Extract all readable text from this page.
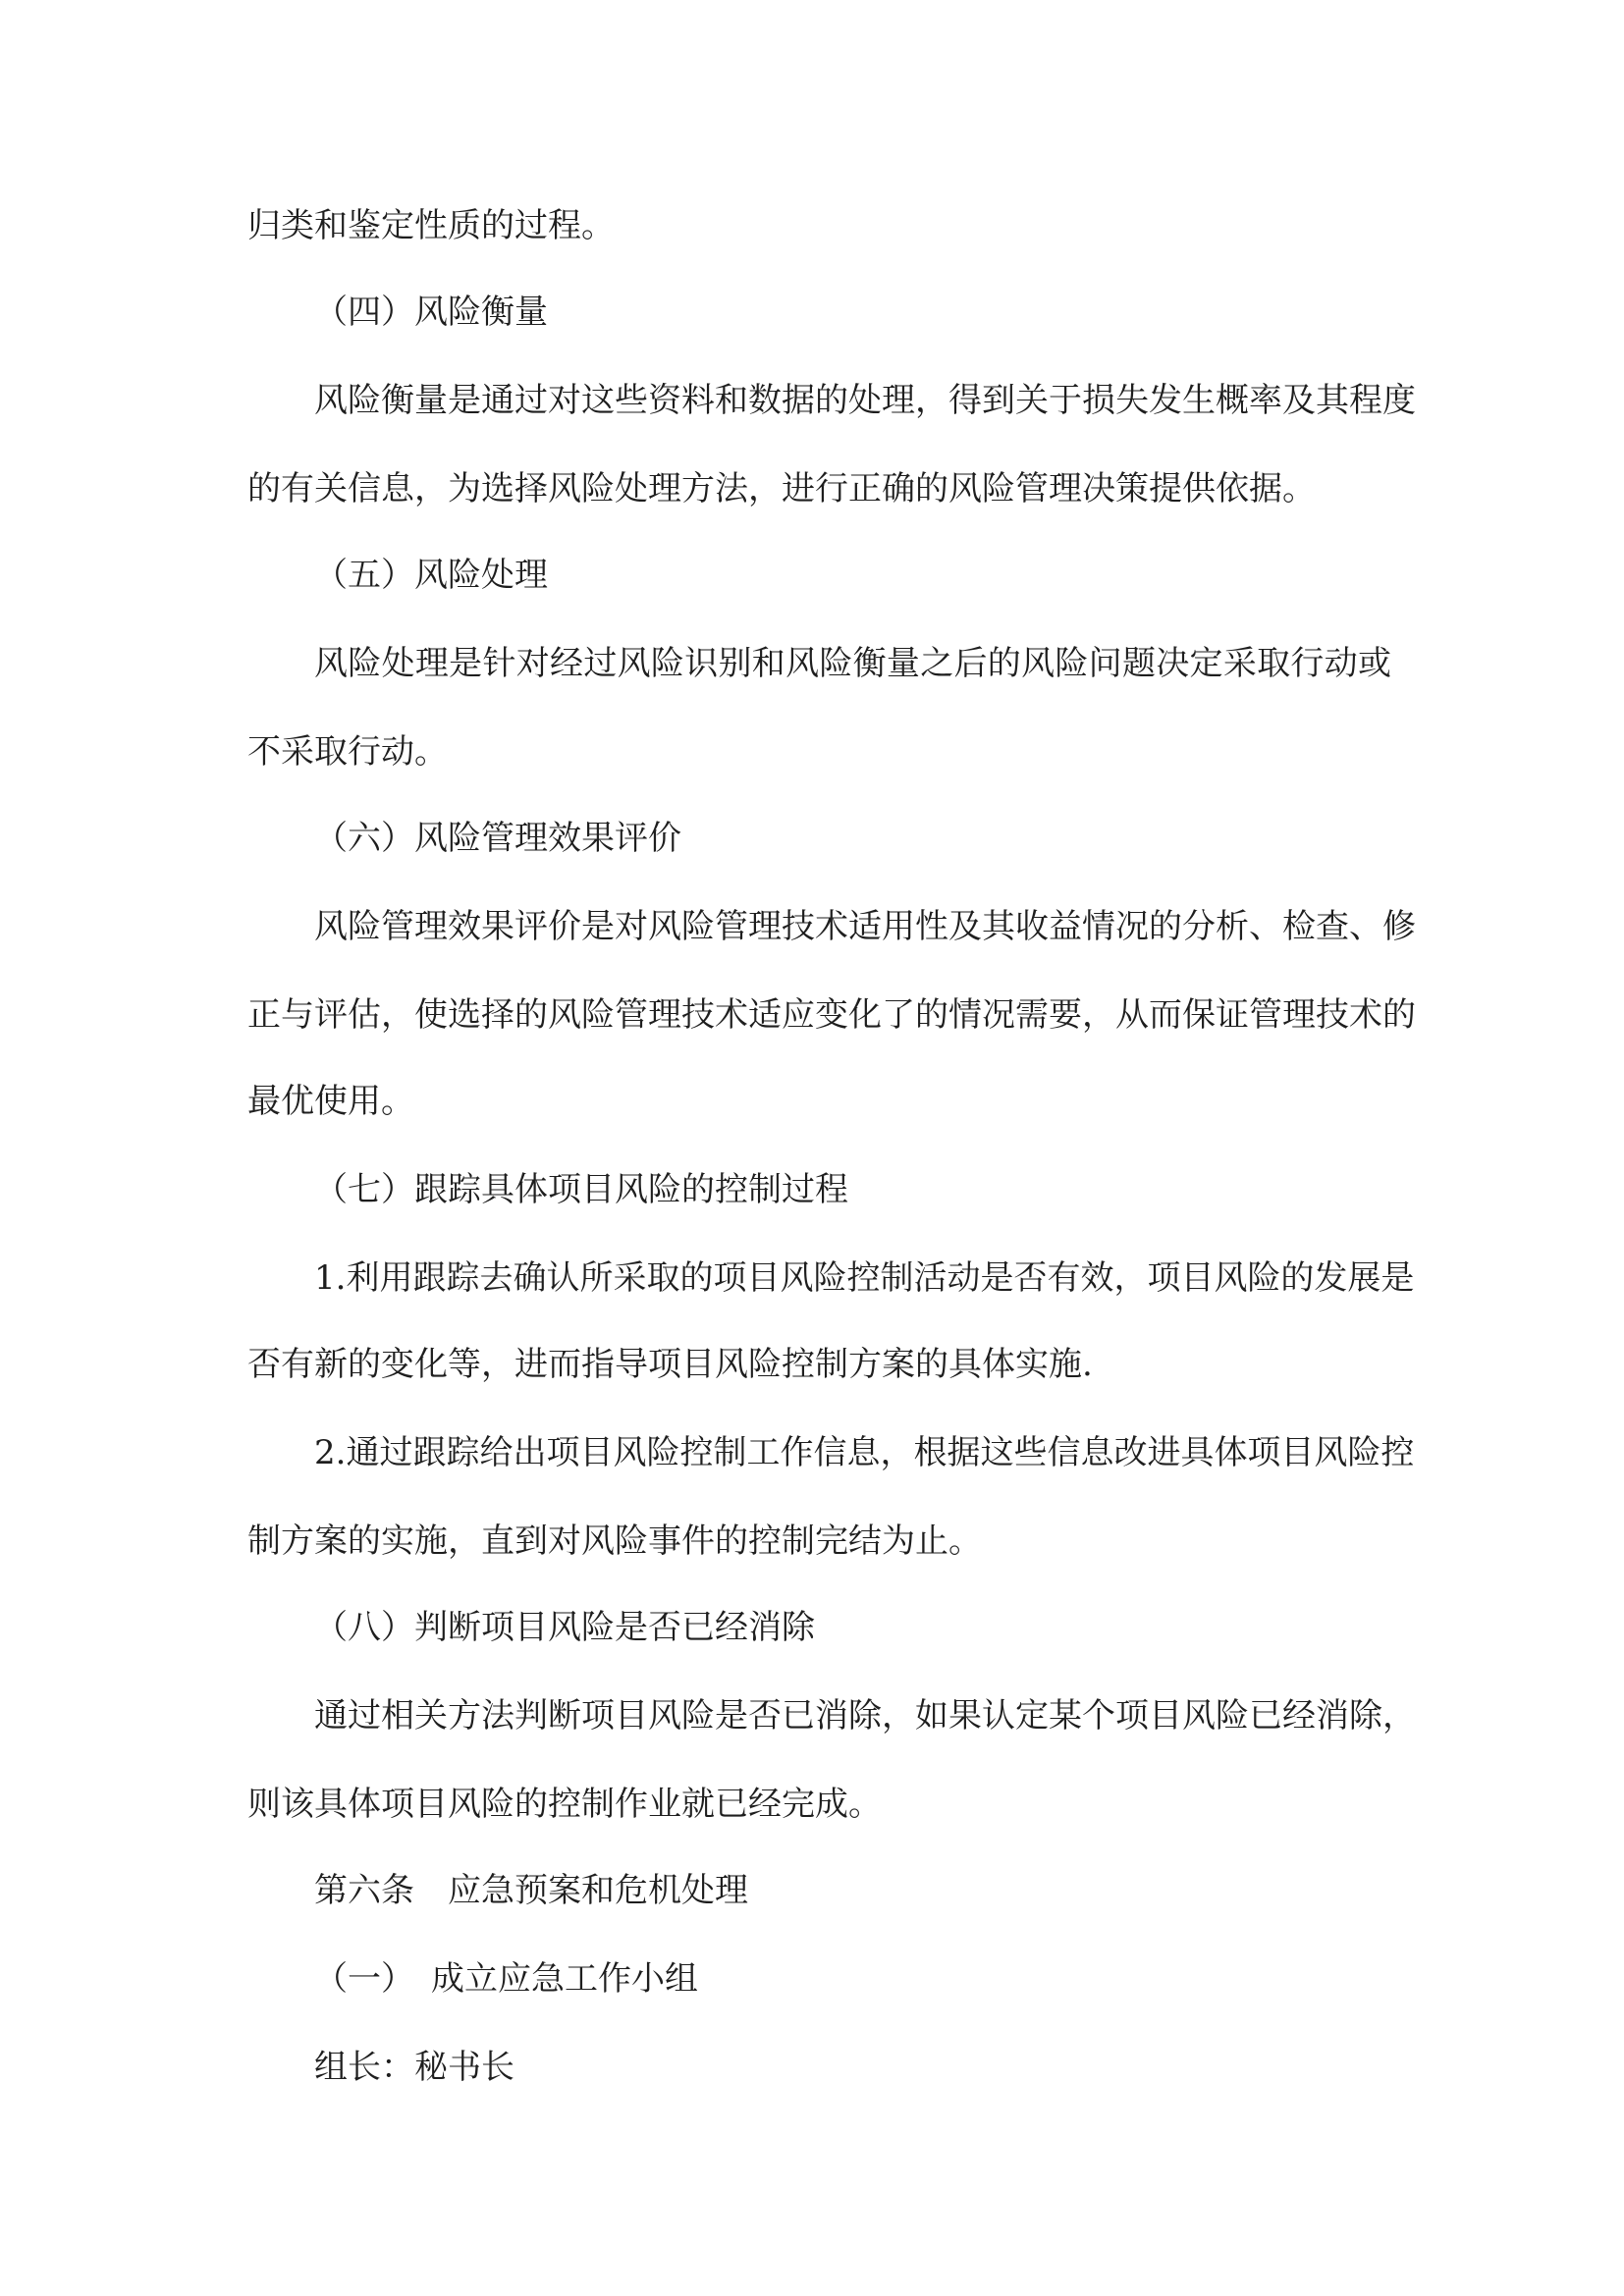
归类和鉴定性质的过程。
（四）风险衡量
风险衡量是通过对这些资料和数据的处理，得到关于损失发生概率及其程度
的有关信息，为选择风险处理方法，进行正确的风险管理决策提供依据。
（五）风险处理
风险处理是针对经过风险识别和风险衡量之后的风险问题决定采取行动或
不采取行动。
（六）风险管理效果评价
风险管理效果评价是对风险管理技术适用性及其收益情况的分析、检查、修
正与评估，使选择的风险管理技术适应变化了的情况需要，从而保证管理技术的
最优使用。
（七）跟踪具体项目风险的控制过程
1.利用跟踪去确认所采取的项目风险控制活动是否有效，项目风险的发展是
否有新的变化等，进而指导项目风险控制方案的具体实施.
2.通过跟踪给出项目风险控制工作信息，根据这些信息改进具体项目风险控
制方案的实施，直到对风险事件的控制完结为止。
（八）判断项目风险是否已经消除
通过相关方法判断项目风险是否已消除，如果认定某个项目风险已经消除，
则该具体项目风险的控制作业就已经完成。
第六条　应急预案和危机处理
（一）　成立应急工作小组
组长：秘书长
